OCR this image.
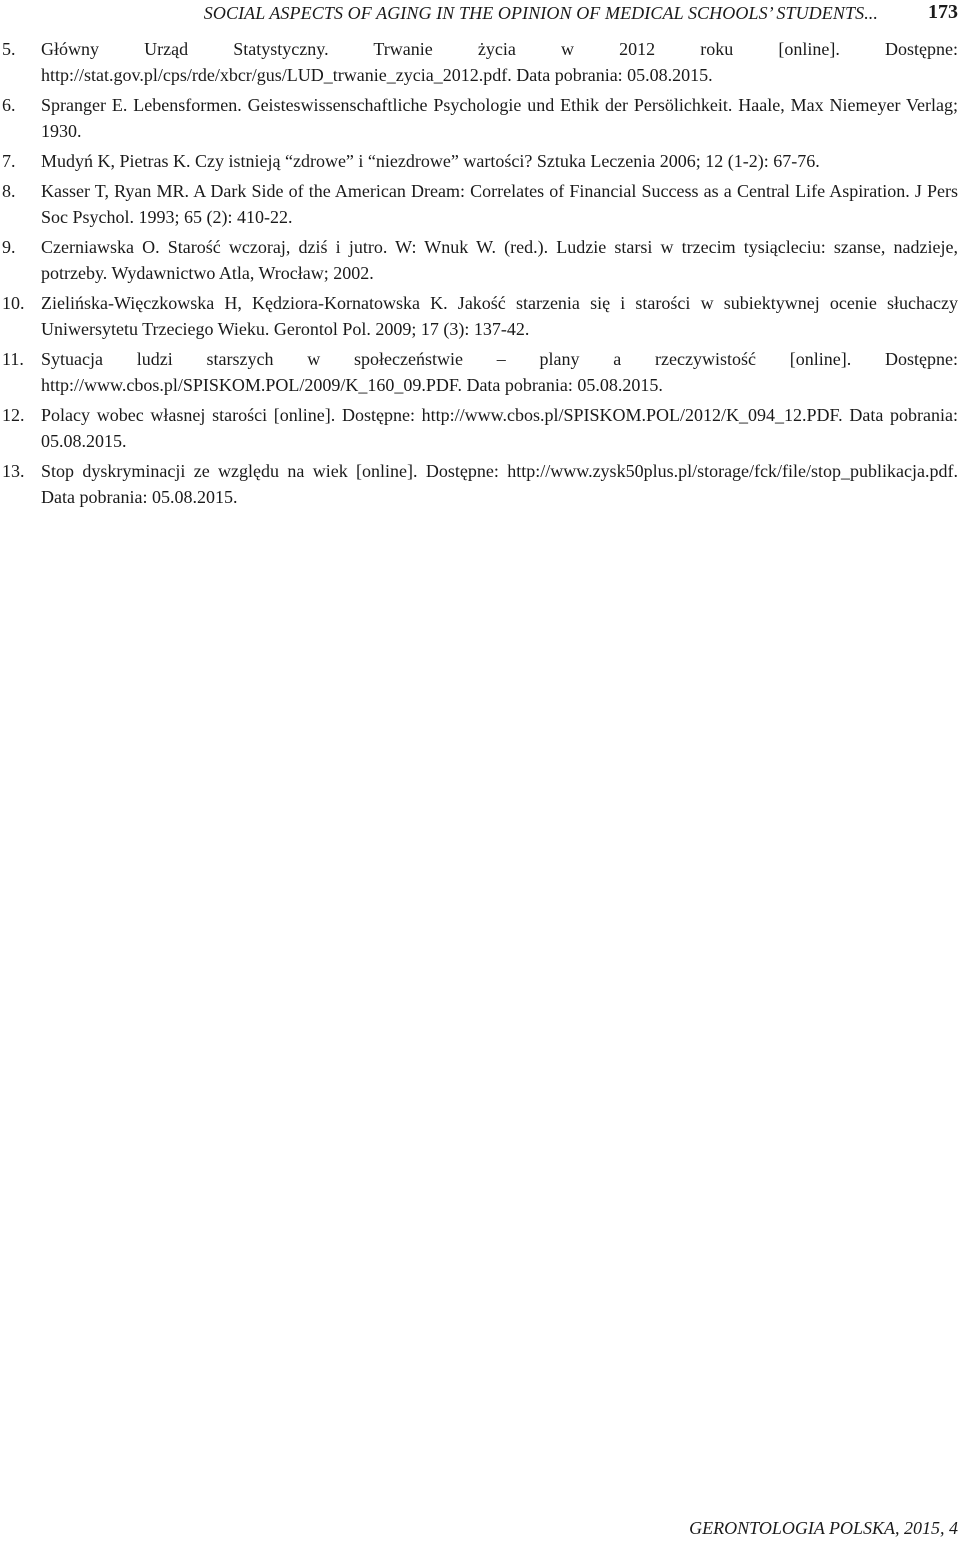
SOCIAL ASPECTS OF AGING IN THE OPINION OF MEDICAL SCHOOLS’ STUDENTS...	173
5. Główny Urząd Statystyczny. Trwanie życia w 2012 roku [online]. Dostępne: http://stat.gov.pl/cps/rde/xbcr/gus/LUD_trwanie_zycia_2012.pdf. Data pobrania: 05.08.2015.
6. Spranger E. Lebensformen. Geisteswissenschaftliche Psychologie und Ethik der Persölichkeit. Haale, Max Niemeyer Verlag; 1930.
7. Mudyń K, Pietras K. Czy istnieją “zdrowe” i “niezdrowe” wartości? Sztuka Leczenia 2006; 12 (1-2): 67-76.
8. Kasser T, Ryan MR. A Dark Side of the American Dream: Correlates of Financial Success as a Central Life Aspiration. J Pers Soc Psychol. 1993; 65 (2): 410-22.
9. Czerniawska O. Starość wczoraj, dziś i jutro. W: Wnuk W. (red.). Ludzie starsi w trzecim tysiącleciu: szanse, nadzieje, potrzeby. Wydawnictwo Atla, Wrocław; 2002.
10. Zielińska-Więczkowska H, Kędziora-Kornatowska K. Jakość starzenia się i starości w subiektywnej ocenie słuchaczy Uniwersytetu Trzeciego Wieku. Gerontol Pol. 2009; 17 (3): 137-42.
11. Sytuacja ludzi starszych w społeczeństwie – plany a rzeczywistość [online]. Dostępne: http://www.cbos.pl/SPISKOM.POL/2009/K_160_09.PDF. Data pobrania: 05.08.2015.
12. Polacy wobec własnej starości [online]. Dostępne: http://www.cbos.pl/SPISKOM.POL/2012/K_094_12.PDF. Data pobrania: 05.08.2015.
13. Stop dyskryminacji ze względu na wiek [online]. Dostępne: http://www.zysk50plus.pl/storage/fck/file/stop_publikacja.pdf. Data pobrania: 05.08.2015.
GERONTOLOGIA POLSKA, 2015, 4
